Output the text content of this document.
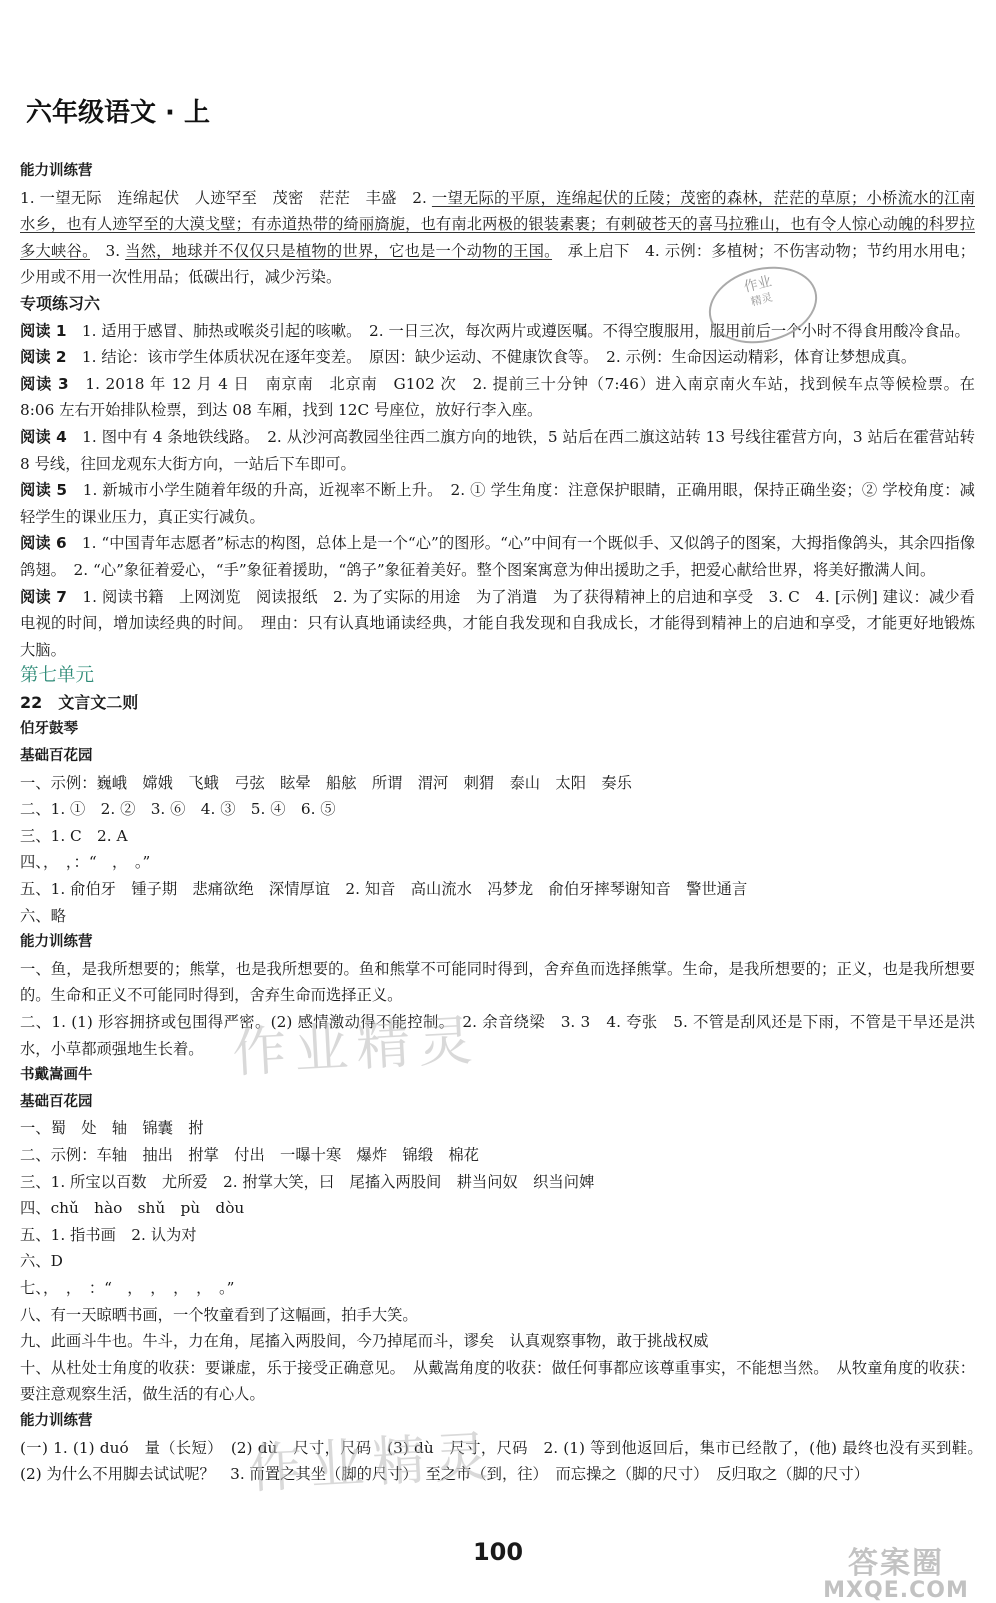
六年级语文 · 上

能力训练营

1. 一望无际　连绵起伏　人迹罕至　茂密　茫茫　丰盛　2. 一望无际的平原，连绵起伏的丘陵；茂密的森林，茫茫的草原；小桥流水的江南水乡，也有人迹罕至的大漠戈壁；有赤道热带的绮丽旖旎，也有南北两极的银装素裹；有刺破苍天的喜马拉雅山，也有令人惊心动魄的科罗拉多大峡谷。　3. 当然，地球并不仅仅只是植物的世界，它也是一个动物的王国。　承上启下　4. 示例：多植树；不伤害动物；节约用水用电；少用或不用一次性用品；低碳出行，减少污染。

专项练习六

阅读 1　1. 适用于感冒、肺热或喉炎引起的咳嗽。　2. 一日三次，每次两片或遵医嘱。不得空腹服用，服用前后一个小时不得食用酸冷食品。

阅读 2　1. 结论：该市学生体质状况在逐年变差。　原因：缺少运动、不健康饮食等。　2. 示例：生命因运动精彩，体育让梦想成真。

阅读 3　1. 2018 年 12 月 4 日　南京南　北京南　G102 次　2. 提前三十分钟（7:46）进入南京南火车站，找到候车点等候检票。在 8:06 左右开始排队检票，到达 08 车厢，找到 12C 号座位，放好行李入座。

阅读 4　1. 图中有 4 条地铁线路。　2. 从沙河高教园坐往西二旗方向的地铁，5 站后在西二旗这站转 13 号线往霍营方向，3 站后在霍营站转 8 号线，往回龙观东大街方向，一站后下车即可。

阅读 5　1. 新城市小学生随着年级的升高，近视率不断上升。　2. ① 学生角度：注意保护眼睛，正确用眼，保持正确坐姿；② 学校角度：减轻学生的课业压力，真正实行减负。

阅读 6　1. “中国青年志愿者”标志的构图，总体上是一个“心”的图形。“心”中间有一个既似手、又似鸽子的图案，大拇指像鸽头，其余四指像鸽翅。　2. “心”象征着爱心，“手”象征着援助，“鸽子”象征着美好。整个图案寓意为伸出援助之手，把爱心献给世界，将美好撒满人间。

阅读 7　1. 阅读书籍　上网浏览　阅读报纸　2. 为了实际的用途　为了消遣　为了获得精神上的启迪和享受　3. C　4. [示例] 建议：减少看电视的时间，增加读经典的时间。　理由：只有认真地诵读经典，才能自我发现和自我成长，才能得到精神上的启迪和享受，才能更好地锻炼大脑。

第七单元

22　文言文二则

伯牙鼓琴

基础百花园

一、示例：巍峨　嫦娥　飞蛾　弓弦　眩晕　船舷　所谓　渭河　刺猬　泰山　太阳　奏乐

二、1. ①　2. ②　3. ⑥　4. ③　5. ④　6. ⑤

三、1. C　2. A

四、，　，：“　，　。”

五、1. 俞伯牙　锺子期　悲痛欲绝　深情厚谊　2. 知音　高山流水　冯梦龙　俞伯牙摔琴谢知音　警世通言

六、略

能力训练营

一、鱼，是我所想要的；熊掌，也是我所想要的。鱼和熊掌不可能同时得到，舍弃鱼而选择熊掌。生命，是我所想要的；正义，也是我所想要的。生命和正义不可能同时得到，舍弃生命而选择正义。

二、1. (1) 形容拥挤或包围得严密。(2) 感情激动得不能控制。　2. 余音绕梁　3. 3　4. 夸张　5. 不管是刮风还是下雨，不管是干旱还是洪水，小草都顽强地生长着。

书戴嵩画牛

基础百花园

一、蜀　处　轴　锦囊　拊

二、示例：车轴　抽出　拊掌　付出　一曝十寒　爆炸　锦缎　棉花

三、1. 所宝以百数　尤所爱　2. 拊掌大笑，曰　尾搐入两股间　耕当问奴　织当问婢

四、chǔ　hào　shǔ　pù　dòu

五、1. 指书画　2. 认为对

六、D

七、，　，　：“　，　，　，　，　。”

八、有一天晾晒书画，一个牧童看到了这幅画，拍手大笑。

九、此画斗牛也。牛斗，力在角，尾搐入两股间，今乃掉尾而斗，谬矣　认真观察事物，敢于挑战权威

十、从杜处士角度的收获：要谦虚，乐于接受正确意见。　从戴嵩角度的收获：做任何事都应该尊重事实，不能想当然。　从牧童角度的收获：要注意观察生活，做生活的有心人。

能力训练营

(一) 1. (1) duó　量（长短）　(2) dù　尺寸，尺码　(3) dù　尺寸，尺码　2. (1) 等到他返回后，集市已经散了，(他) 最终也没有买到鞋。　(2) 为什么不用脚去试试呢？　3. 而置之其坐（脚的尺寸）　至之市（到，往）　而忘操之（脚的尺寸）　反归取之（脚的尺寸）

作业
精灵
作业精灵
作业精灵
100	答案圈
MXQE.COM
